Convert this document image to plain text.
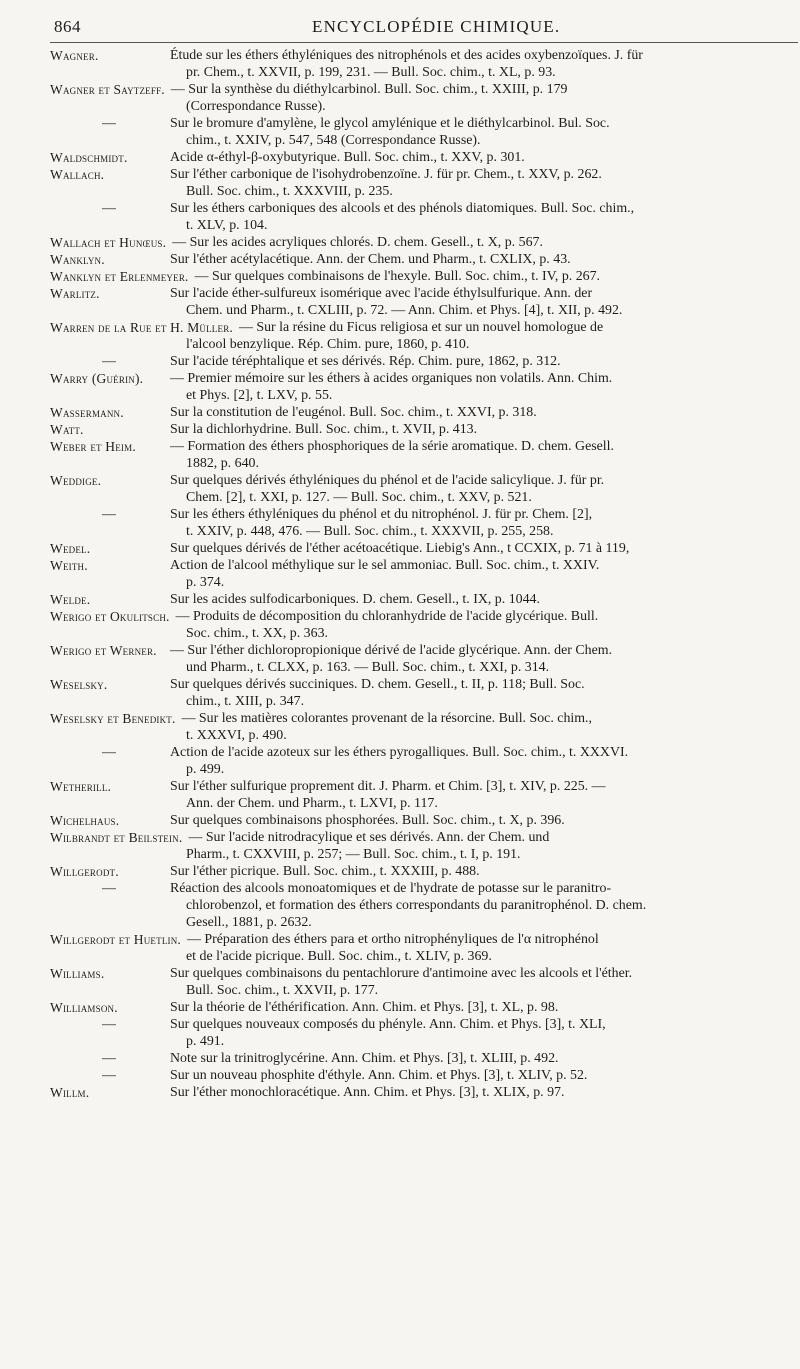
864	ENCYCLOPÉDIE CHIMIQUE.
Wagner.	Étude sur les éthers éthyléniques des nitrophénols et des acides oxybenzoïques. J. für
pr. Chem., t. XXVII, p. 199, 231. — Bull. Soc. chim., t. XL, p. 93.
Wagner et Saytzeff. — Sur la synthèse du diéthylcarbinol. Bull. Soc. chim., t. XXIII, p. 179
(Correspondance Russe).
—	Sur le bromure d'amylène, le glycol amylénique et le diéthylcarbinol. Bul. Soc.
chim., t. XXIV, p. 547, 548 (Correspondance Russe).
Waldschmidt.	Acide α-éthyl-β-oxybutyrique. Bull. Soc. chim., t. XXV, p. 301.
Wallach.	Sur l'éther carbonique de l'isohydrobenzoïne. J. für pr. Chem., t. XXV, p. 262.
Bull. Soc. chim., t. XXXVIII, p. 235.
—	Sur les éthers carboniques des alcools et des phénols diatomiques. Bull. Soc. chim.,
t. XLV, p. 104.
Wallach et Hunœus. — Sur les acides acryliques chlorés. D. chem. Gesell., t. X, p. 567.
Wanklyn.	Sur l'éther acétylacétique. Ann. der Chem. und Pharm., t. CXLIX, p. 43.
Wanklyn et Erlenmeyer. — Sur quelques combinaisons de l'hexyle. Bull. Soc. chim., t. IV, p. 267.
Warlitz.	Sur l'acide éther-sulfureux isomérique avec l'acide éthylsulfurique. Ann. der
Chem. und Pharm., t. CXLIII, p. 72. — Ann. Chim. et Phys. [4], t. XII, p. 492.
Warren de la Rue et H. Müller. — Sur la résine du Ficus religiosa et sur un nouvel homologue de
l'alcool benzylique. Rép. Chim. pure, 1860, p. 410.
—	Sur l'acide téréphtalique et ses dérivés. Rép. Chim. pure, 1862, p. 312.
Warry (Guérin). — Premier mémoire sur les éthers à acides organiques non volatils. Ann. Chim.
et Phys. [2], t. LXV, p. 55.
Wassermann.	Sur la constitution de l'eugénol. Bull. Soc. chim., t. XXVI, p. 318.
Watt.	Sur la dichlorhydrine. Bull. Soc. chim., t. XVII, p. 413.
Weber et Heim. — Formation des éthers phosphoriques de la série aromatique. D. chem. Gesell.
1882, p. 640.
Weddige.	Sur quelques dérivés éthyléniques du phénol et de l'acide salicylique. J. für pr.
Chem. [2], t. XXI, p. 127. — Bull. Soc. chim., t. XXV, p. 521.
—	Sur les éthers éthyléniques du phénol et du nitrophénol. J. für pr. Chem. [2],
t. XXIV, p. 448, 476. — Bull. Soc. chim., t. XXXVII, p. 255, 258.
Wedel.	Sur quelques dérivés de l'éther acétoacétique. Liebig's Ann., t CCXIX, p. 71 à 119,
Weith.	Action de l'alcool méthylique sur le sel ammoniac. Bull. Soc. chim., t. XXIV.
p. 374.
Welde.	Sur les acides sulfodicarboniques. D. chem. Gesell., t. IX, p. 1044.
Werigo et Okulitsch. — Produits de décomposition du chloranhydride de l'acide glycérique. Bull.
Soc. chim., t. XX, p. 363.
Werigo et Werner. — Sur l'éther dichloropropionique dérivé de l'acide glycérique. Ann. der Chem.
und Pharm., t. CLXX, p. 163. — Bull. Soc. chim., t. XXI, p. 314.
Weselsky.	Sur quelques dérivés succiniques. D. chem. Gesell., t. II, p. 118; Bull. Soc.
chim., t. XIII, p. 347.
Weselsky et Benedikt. — Sur les matières colorantes provenant de la résorcine. Bull. Soc. chim.,
t. XXXVI, p. 490.
—	Action de l'acide azoteux sur les éthers pyrogalliques. Bull. Soc. chim., t. XXXVI.
p. 499.
Wetherill.	Sur l'éther sulfurique proprement dit. J. Pharm. et Chim. [3], t. XIV, p. 225. —
Ann. der Chem. und Pharm., t. LXVI, p. 117.
Wichelhaus.	Sur quelques combinaisons phosphorées. Bull. Soc. chim., t. X, p. 396.
Wilbrandt et Beilstein. — Sur l'acide nitrodracylique et ses dérivés. Ann. der Chem. und
Pharm., t. CXXVIII, p. 257; — Bull. Soc. chim., t. I, p. 191.
Willgerodt.	Sur l'éther picrique. Bull. Soc. chim., t. XXXIII, p. 488.
—	Réaction des alcools monoatomiques et de l'hydrate de potasse sur le paranitro-
chlorobenzol, et formation des éthers correspondants du paranitrophénol. D. chem.
Gesell., 1881, p. 2632.
Willgerodt et Huetlin. — Préparation des éthers para et ortho nitrophényliques de l'α nitrophénol
et de l'acide picrique. Bull. Soc. chim., t. XLIV, p. 369.
Williams.	Sur quelques combinaisons du pentachlorure d'antimoine avec les alcools et l'éther.
Bull. Soc. chim., t. XXVII, p. 177.
Williamson.	Sur la théorie de l'éthérification. Ann. Chim. et Phys. [3], t. XL, p. 98.
—	Sur quelques nouveaux composés du phényle. Ann. Chim. et Phys. [3], t. XLI,
p. 491.
—	Note sur la trinitroglycérine. Ann. Chim. et Phys. [3], t. XLIII, p. 492.
—	Sur un nouveau phosphite d'éthyle. Ann. Chim. et Phys. [3], t. XLIV, p. 52.
Willm.	Sur l'éther monochloracétique. Ann. Chim. et Phys. [3], t. XLIX, p. 97.
